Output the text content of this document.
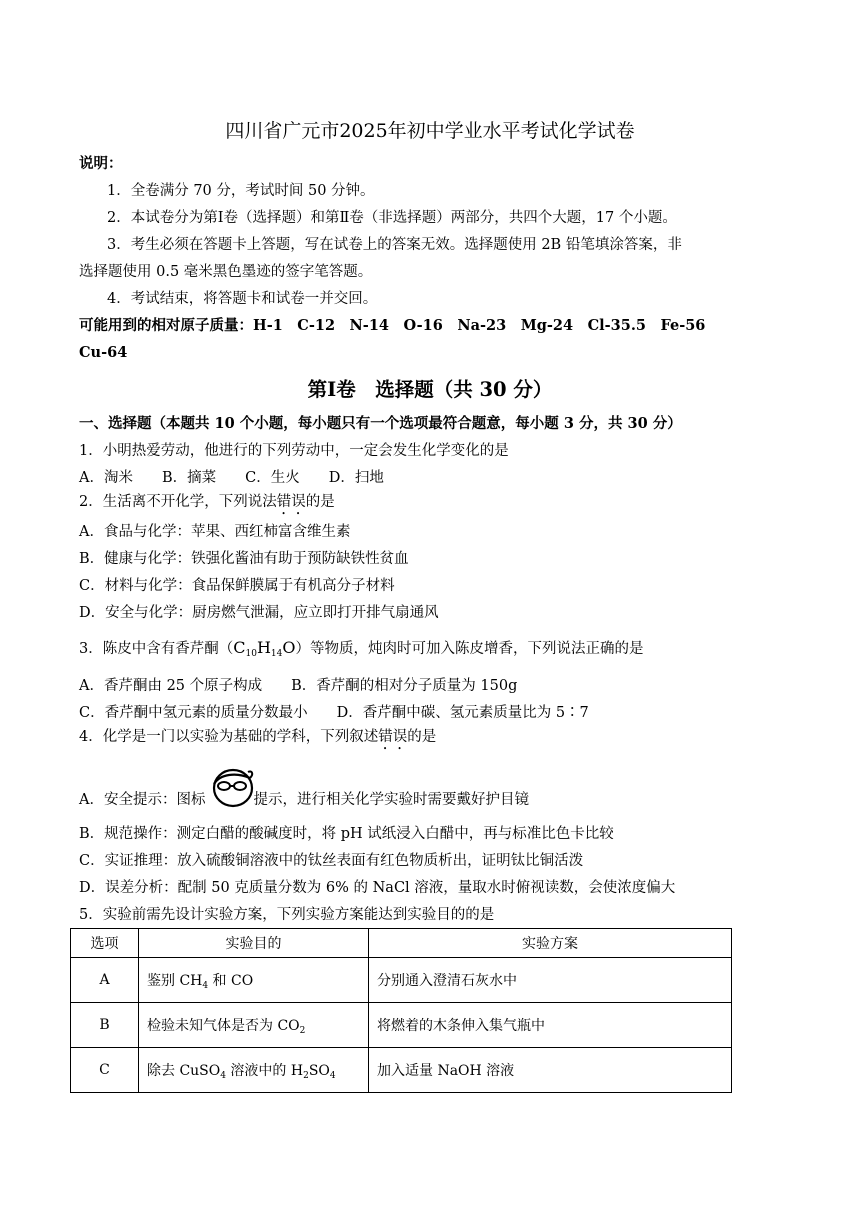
四川省广元市2025年初中学业水平考试化学试卷
说明：
1．全卷满分 70 分，考试时间 50 分钟。
2．本试卷分为第Ⅰ卷（选择题）和第Ⅱ卷（非选择题）两部分，共四个大题，17 个小题。
3．考生必须在答题卡上答题，写在试卷上的答案无效。选择题使用 2B 铅笔填涂答案，非
选择题使用 0.5 毫米黑色墨迹的签字笔答题。
4．考试结束，将答题卡和试卷一并交回。
可能用到的相对原子质量：H-1　C-12　N-14　O-16　Na-23　Mg-24　Cl-35.5　Fe-56
Cu-64
第Ⅰ卷　选择题（共 30 分）
一、选择题（本题共 10 个小题，每小题只有一个选项最符合题意，每小题 3 分，共 30 分）
1．小明热爱劳动，他进行的下列劳动中，一定会发生化学变化的是
A．淘米　　B．摘菜　　C．生火　　D．扫地
2．生活离不开化学，下列说法错误的是
A．食品与化学：苹果、西红柿富含维生素
B．健康与化学：铁强化酱油有助于预防缺铁性贫血
C．材料与化学：食品保鲜膜属于有机高分子材料
D．安全与化学：厨房燃气泄漏，应立即打开排气扇通风
3．陈皮中含有香芹酮$(C_{10}H_{14}O)$等物质，炖肉时可加入陈皮增香，下列说法正确的是
A．香芹酮由 25 个原子构成　　B．香芹酮的相对分子质量为 150g
C．香芹酮中氢元素的质量分数最小　　D．香芹酮中碳、氢元素质量比为 5∶7
4．化学是一门以实验为基础的学科，下列叙述错误的是
A．安全提示：图标	提示，进行相关化学实验时需要戴好护目镜
B．规范操作：测定白醋的酸碱度时，将 pH 试纸浸入白醋中，再与标准比色卡比较
C．实证推理：放入硫酸铜溶液中的钛丝表面有红色物质析出，证明钛比铜活泼
D．误差分析：配制 50 克质量分数为 6% 的 NaCl 溶液，量取水时俯视读数，会使浓度偏大
5．实验前需先设计实验方案，下列实验方案能达到实验目的的是
选项	实验目的	实验方案
A	鉴别 $CH_4$ 和 CO	分别通入澄清石灰水中
B	检验未知气体是否为 $CO_2$	将燃着的木条伸入集气瓶中
C	除去 CuSO$_4$ 溶液中的 $H_2SO_4$	加入适量 NaOH 溶液
